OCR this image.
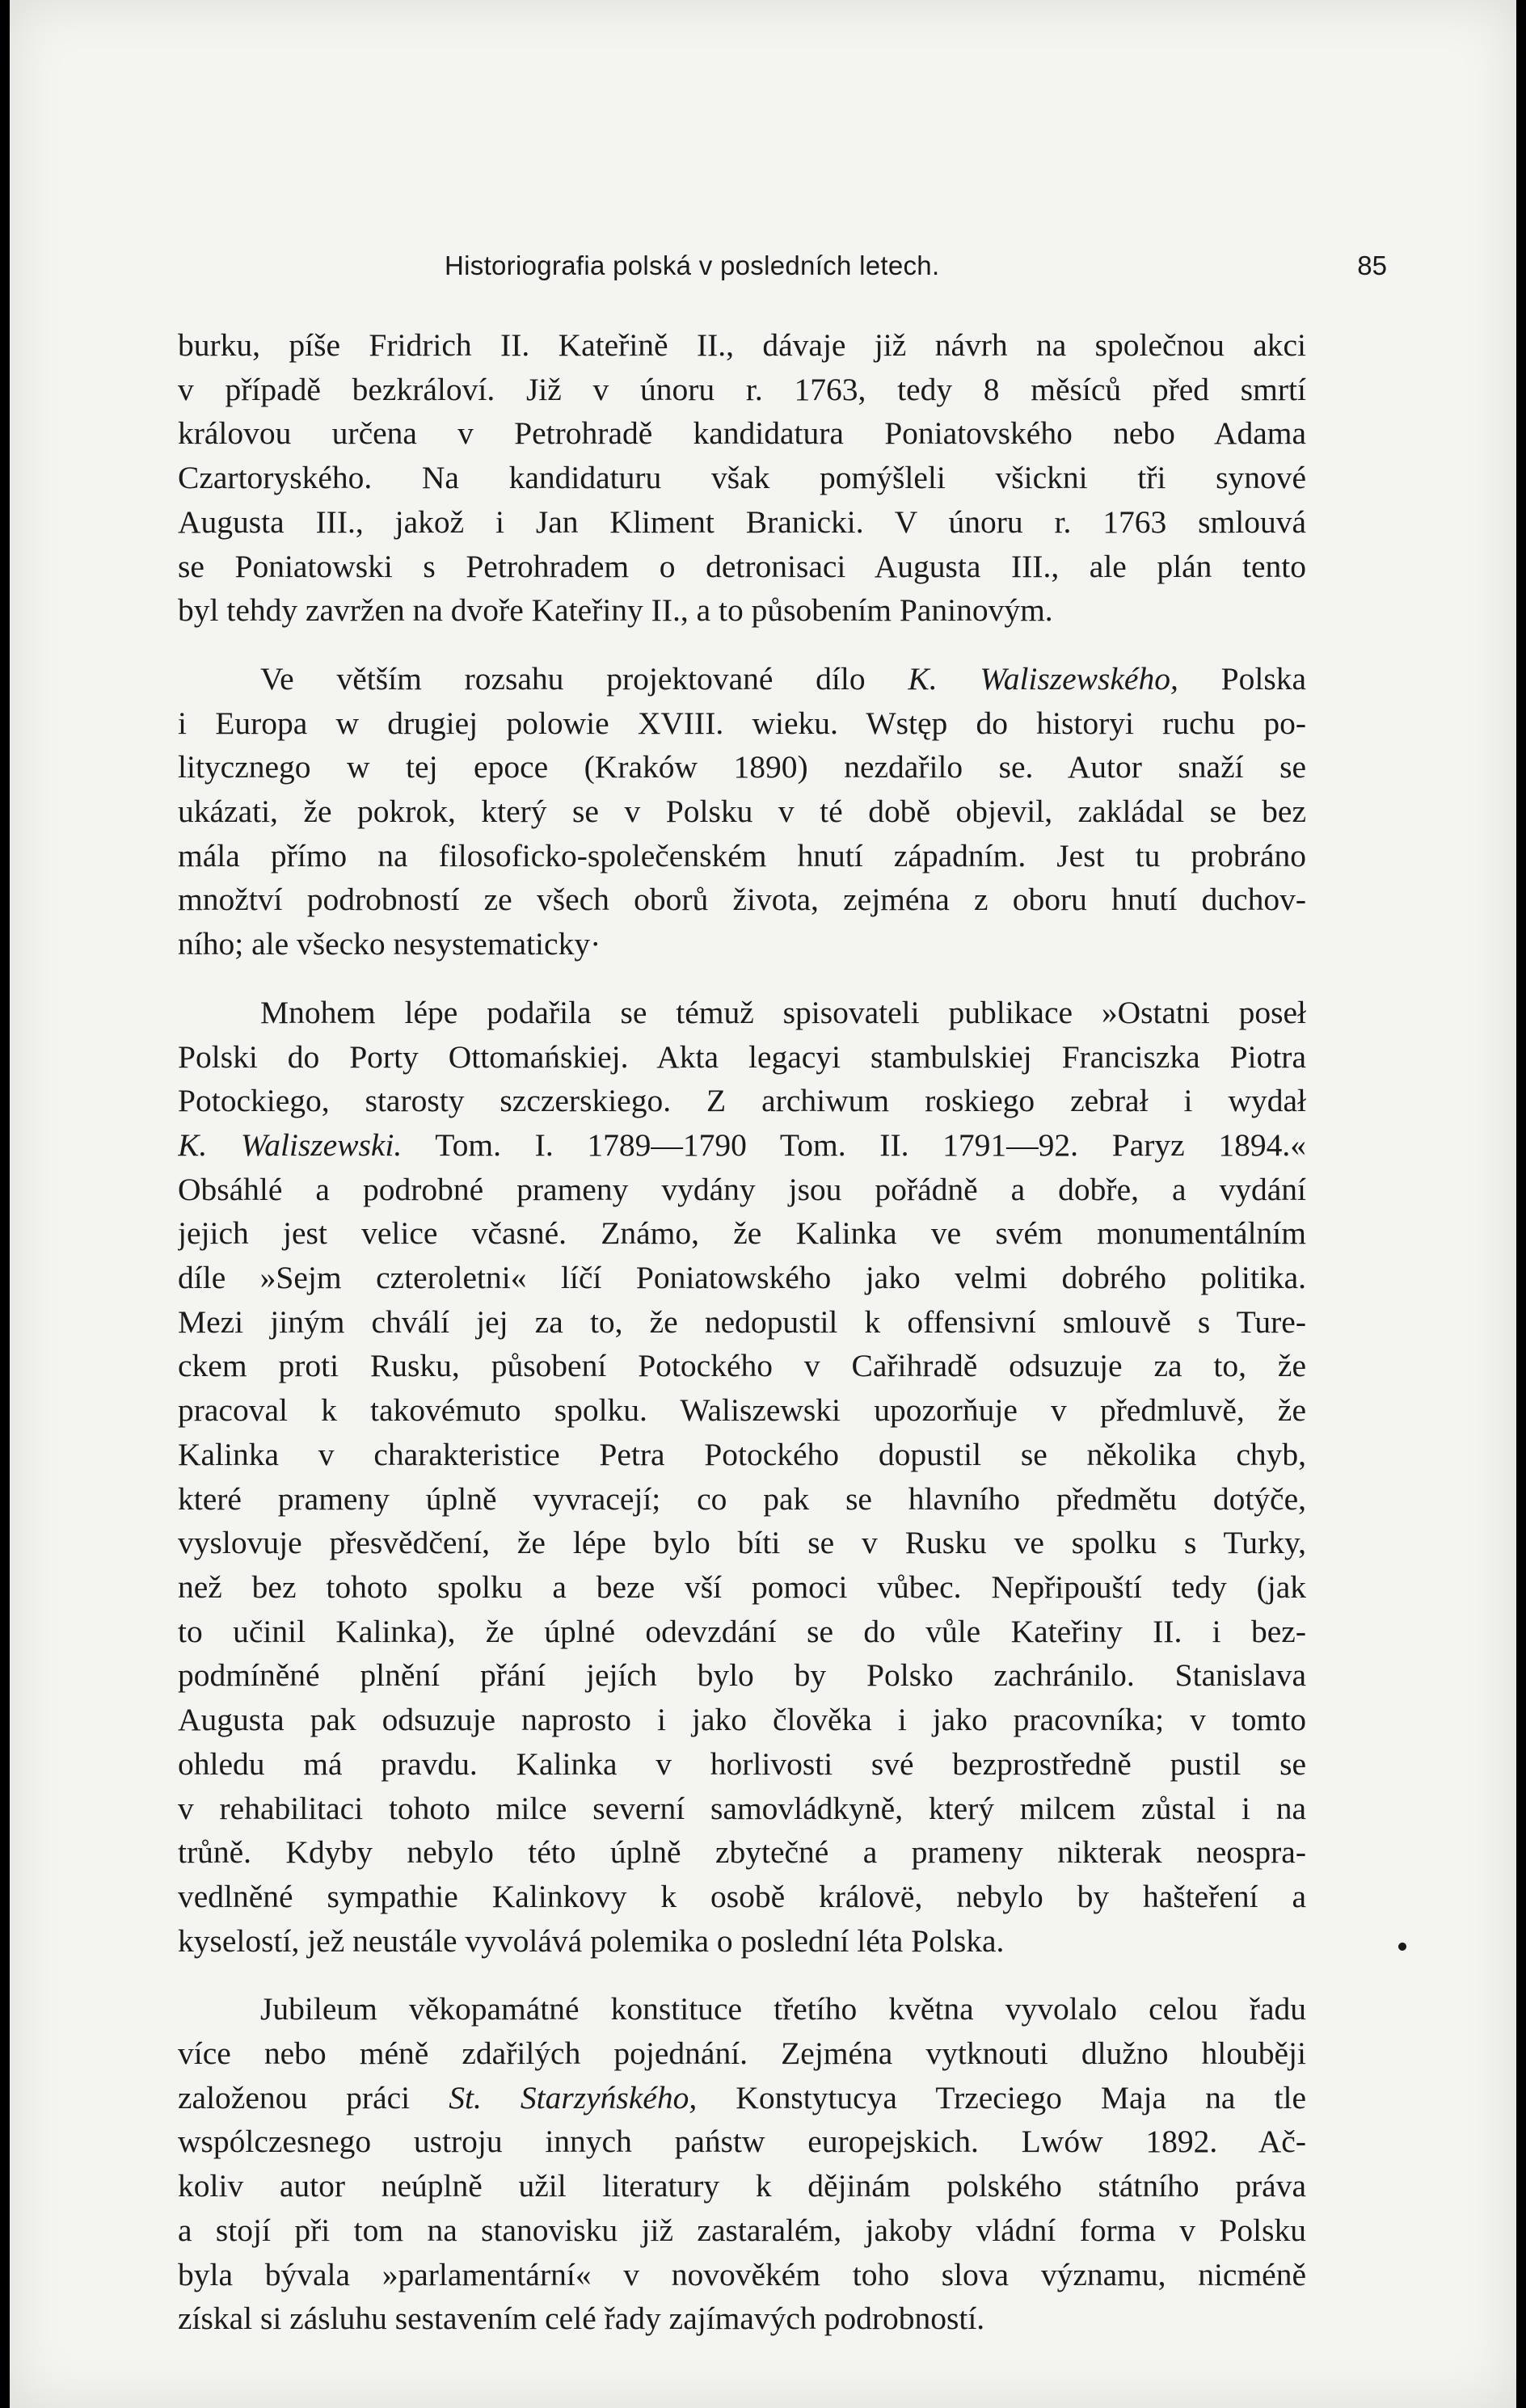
Historiografia polská v posledních letech.	85
burku, píše Fridrich II. Kateřině II., dávaje již návrh na společnou akci
v případě bezkráloví. Již v únoru r. 1763, tedy 8 měsíců před smrtí
královou určena v Petrohradě kandidatura Poniatovského nebo Adama
Czartoryského. Na kandidaturu však pomýšleli všickni tři synové
Augusta III., jakož i Jan Kliment Branicki. V únoru r. 1763 smlouvá
se Poniatowski s Petrohradem o detronisaci Augusta III., ale plán tento
byl tehdy zavržen na dvoře Kateřiny II., a to působením Paninovým.
Ve větším rozsahu projektované dílo K. Waliszewského, Polska
i Europa w drugiej polowie XVIII. wieku. Wstęp do historyi ruchu po-
litycznego w tej epoce (Kraków 1890) nezdařilo se. Autor snaží se
ukázati, že pokrok, který se v Polsku v té době objevil, zakládal se bez
mála přímo na filosoficko-společenském hnutí západním. Jest tu probráno
množtví podrobností ze všech oborů života, zejména z oboru hnutí duchov-
ního; ale všecko nesystematicky·
Mnohem lépe podařila se témuž spisovateli publikace »Ostatni poseł
Polski do Porty Ottomańskiej. Akta legacyi stambulskiej Franciszka Piotra
Potockiego, starosty szczerskiego. Z archiwum roskiego zebrał i wydał
K. Waliszewski. Tom. I. 1789—1790 Tom. II. 1791—92. Paryz 1894.«
Obsáhlé a podrobné prameny vydány jsou pořádně a dobře, a vydání
jejich jest velice včasné. Známo, že Kalinka ve svém monumentálním
díle »Sejm czteroletni« líčí Poniatowského jako velmi dobrého politika.
Mezi jiným chválí jej za to, že nedopustil k offensivní smlouvě s Ture-
ckem proti Rusku, působení Potockého v Cařihradě odsuzuje za to, že
pracoval k takovémuto spolku. Waliszewski upozorňuje v předmluvě, že
Kalinka v charakteristice Petra Potockého dopustil se několika chyb,
které prameny úplně vyvracejí; co pak se hlavního předmětu dotýče,
vyslovuje přesvědčení, že lépe bylo bíti se v Rusku ve spolku s Turky,
než bez tohoto spolku a beze vší pomoci vůbec. Nepřipouští tedy (jak
to učinil Kalinka), že úplné odevzdání se do vůle Kateřiny II. i bez-
podmíněné plnění přání jejích bylo by Polsko zachránilo. Stanislava
Augusta pak odsuzuje naprosto i jako člověka i jako pracovníka; v tomto
ohledu má pravdu. Kalinka v horlivosti své bezprostředně pustil se
v rehabilitaci tohoto milce severní samovládkyně, který milcem zůstal i na
trůně. Kdyby nebylo této úplně zbytečné a prameny nikterak neospra-
vedlněné sympathie Kalinkovy k osobě královë, nebylo by hašteření a
kyselostí, jež neustále vyvolává polemika o poslední léta Polska.
Jubileum věkopamátné konstituce třetího května vyvolalo celou řadu
více nebo méně zdařilých pojednání. Zejména vytknouti dlužno hlouběji
založenou práci St. Starzyńského, Konstytucya Trzeciego Maja na tle
wspólczesnego ustroju innych państw europejskich. Lwów 1892. Ač-
koliv autor neúplně užil literatury k dějinám polského státního práva
a stojí při tom na stanovisku již zastaralém, jakoby vládní forma v Polsku
byla bývala »parlamentární« v novověkém toho slova významu, nicméně
získal si zásluhu sestavením celé řady zajímavých podrobností.
